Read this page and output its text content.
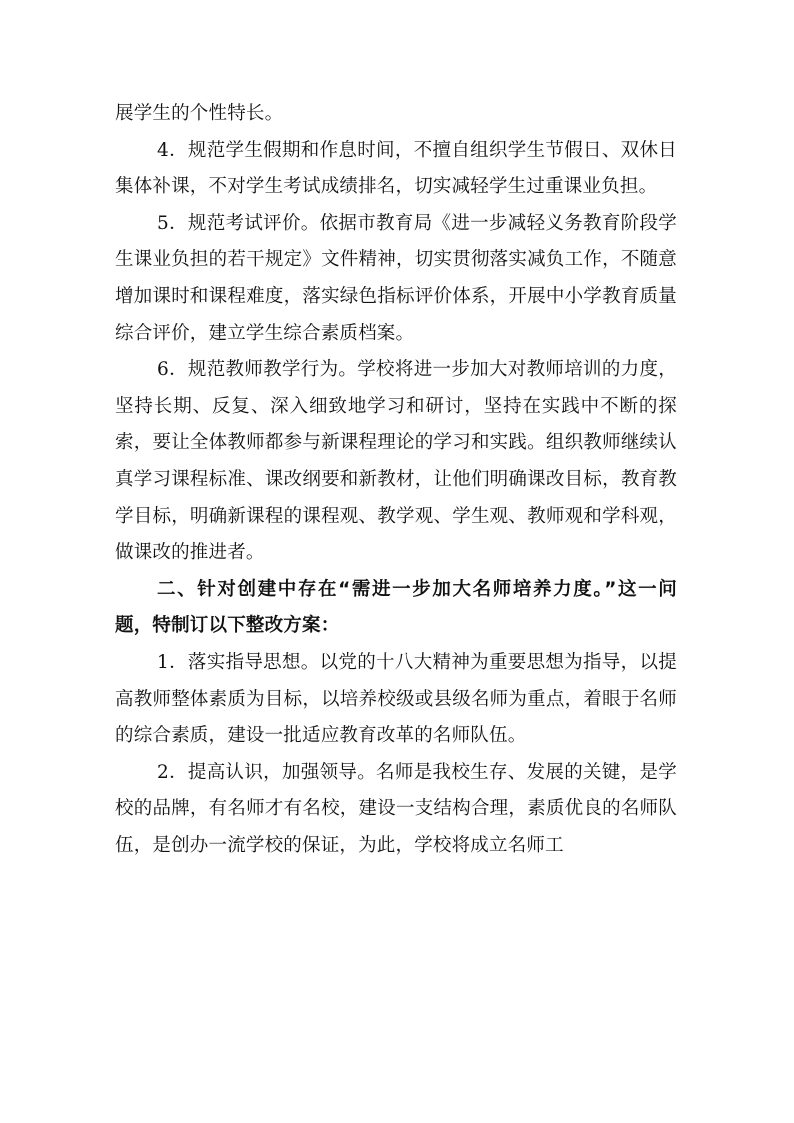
展学生的个性特长。

4．规范学生假期和作息时间，不擅自组织学生节假日、双休日集体补课，不对学生考试成绩排名，切实减轻学生过重课业负担。

5．规范考试评价。依据市教育局《进一步减轻义务教育阶段学生课业负担的若干规定》文件精神，切实贯彻落实减负工作，不随意增加课时和课程难度，落实绿色指标评价体系，开展中小学教育质量综合评价，建立学生综合素质档案。

6．规范教师教学行为。学校将进一步加大对教师培训的力度，坚持长期、反复、深入细致地学习和研讨，坚持在实践中不断的探索，要让全体教师都参与新课程理论的学习和实践。组织教师继续认真学习课程标准、课改纲要和新教材，让他们明确课改目标，教育教学目标，明确新课程的课程观、教学观、学生观、教师观和学科观，做课改的推进者。

二、针对创建中存在“需进一步加大名师培养力度。”这一问题，特制订以下整改方案：

1．落实指导思想。以党的十八大精神为重要思想为指导，以提高教师整体素质为目标，以培养校级或县级名师为重点，着眼于名师的综合素质，建设一批适应教育改革的名师队伍。

2．提高认识，加强领导。名师是我校生存、发展的关键，是学校的品牌，有名师才有名校，建设一支结构合理，素质优良的名师队伍，是创办一流学校的保证，为此，学校将成立名师工
